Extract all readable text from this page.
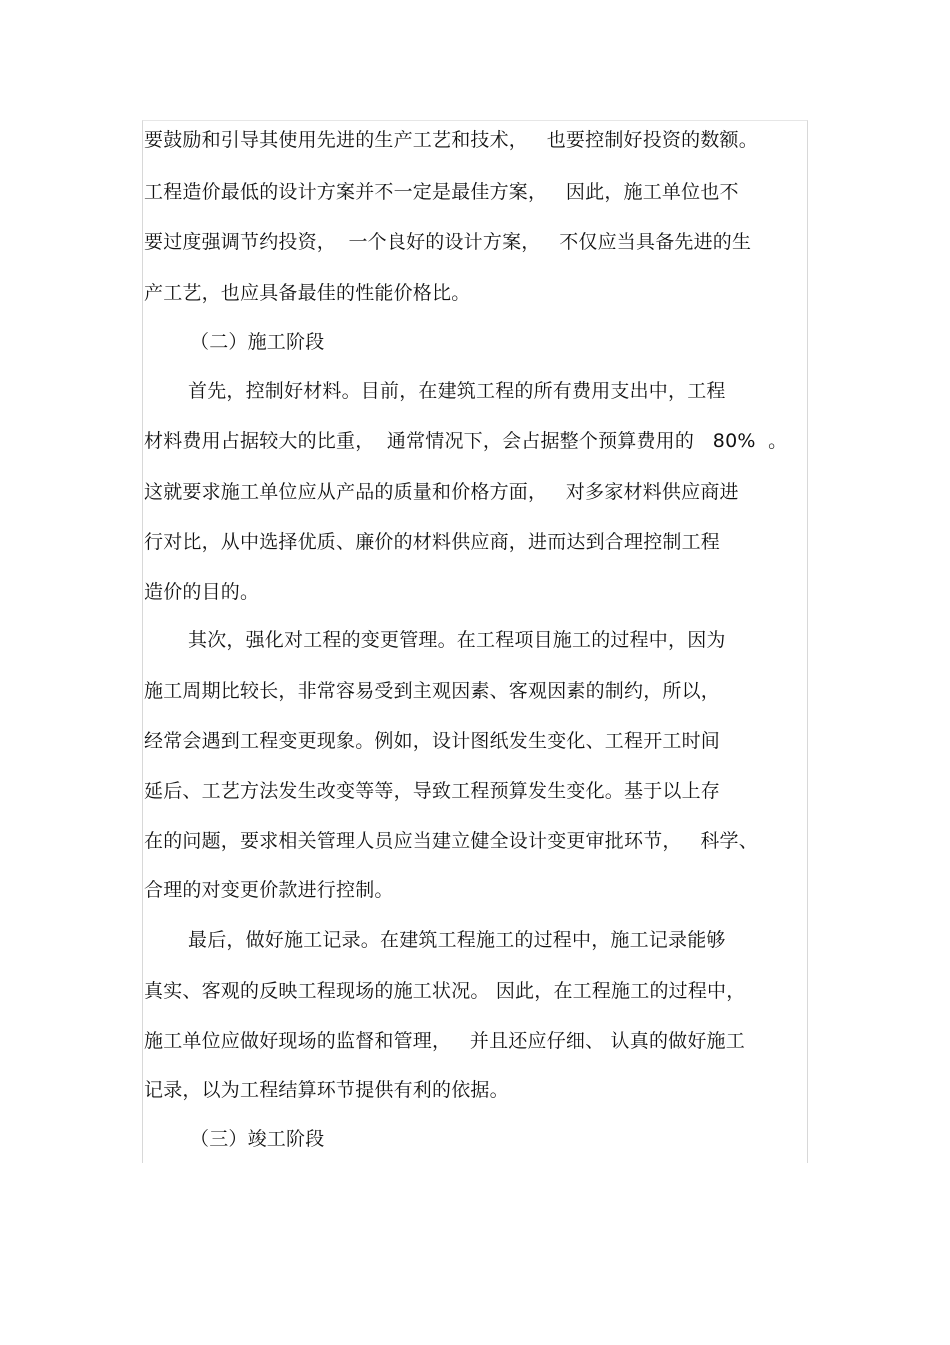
要鼓励和引导其使用先进的生产工艺和技术，   也要控制好投资的数额。
工程造价最低的设计方案并不一定是最佳方案，   因此，施工单位也不
要过度强调节约投资，  一个良好的设计方案，   不仅应当具备先进的生
产工艺，也应具备最佳的性能价格比。
（二）施工阶段
首先，控制好材料。目前，在建筑工程的所有费用支出中，工程
材料费用占据较大的比重，  通常情况下，会占据整个预算费用的   80%  。
这就要求施工单位应从产品的质量和价格方面，   对多家材料供应商进
行对比，从中选择优质、廉价的材料供应商，进而达到合理控制工程
造价的目的。
其次，强化对工程的变更管理。在工程项目施工的过程中，因为
施工周期比较长，非常容易受到主观因素、客观因素的制约，所以，
经常会遇到工程变更现象。例如，设计图纸发生变化、工程开工时间
延后、工艺方法发生改变等等，导致工程预算发生变化。基于以上存
在的问题，要求相关管理人员应当建立健全设计变更审批环节，   科学、
合理的对变更价款进行控制。
最后，做好施工记录。在建筑工程施工的过程中，施工记录能够
真实、客观的反映工程现场的施工状况。 因此，在工程施工的过程中，
施工单位应做好现场的监督和管理，   并且还应仔细、 认真的做好施工
记录，以为工程结算环节提供有利的依据。
（三）竣工阶段
